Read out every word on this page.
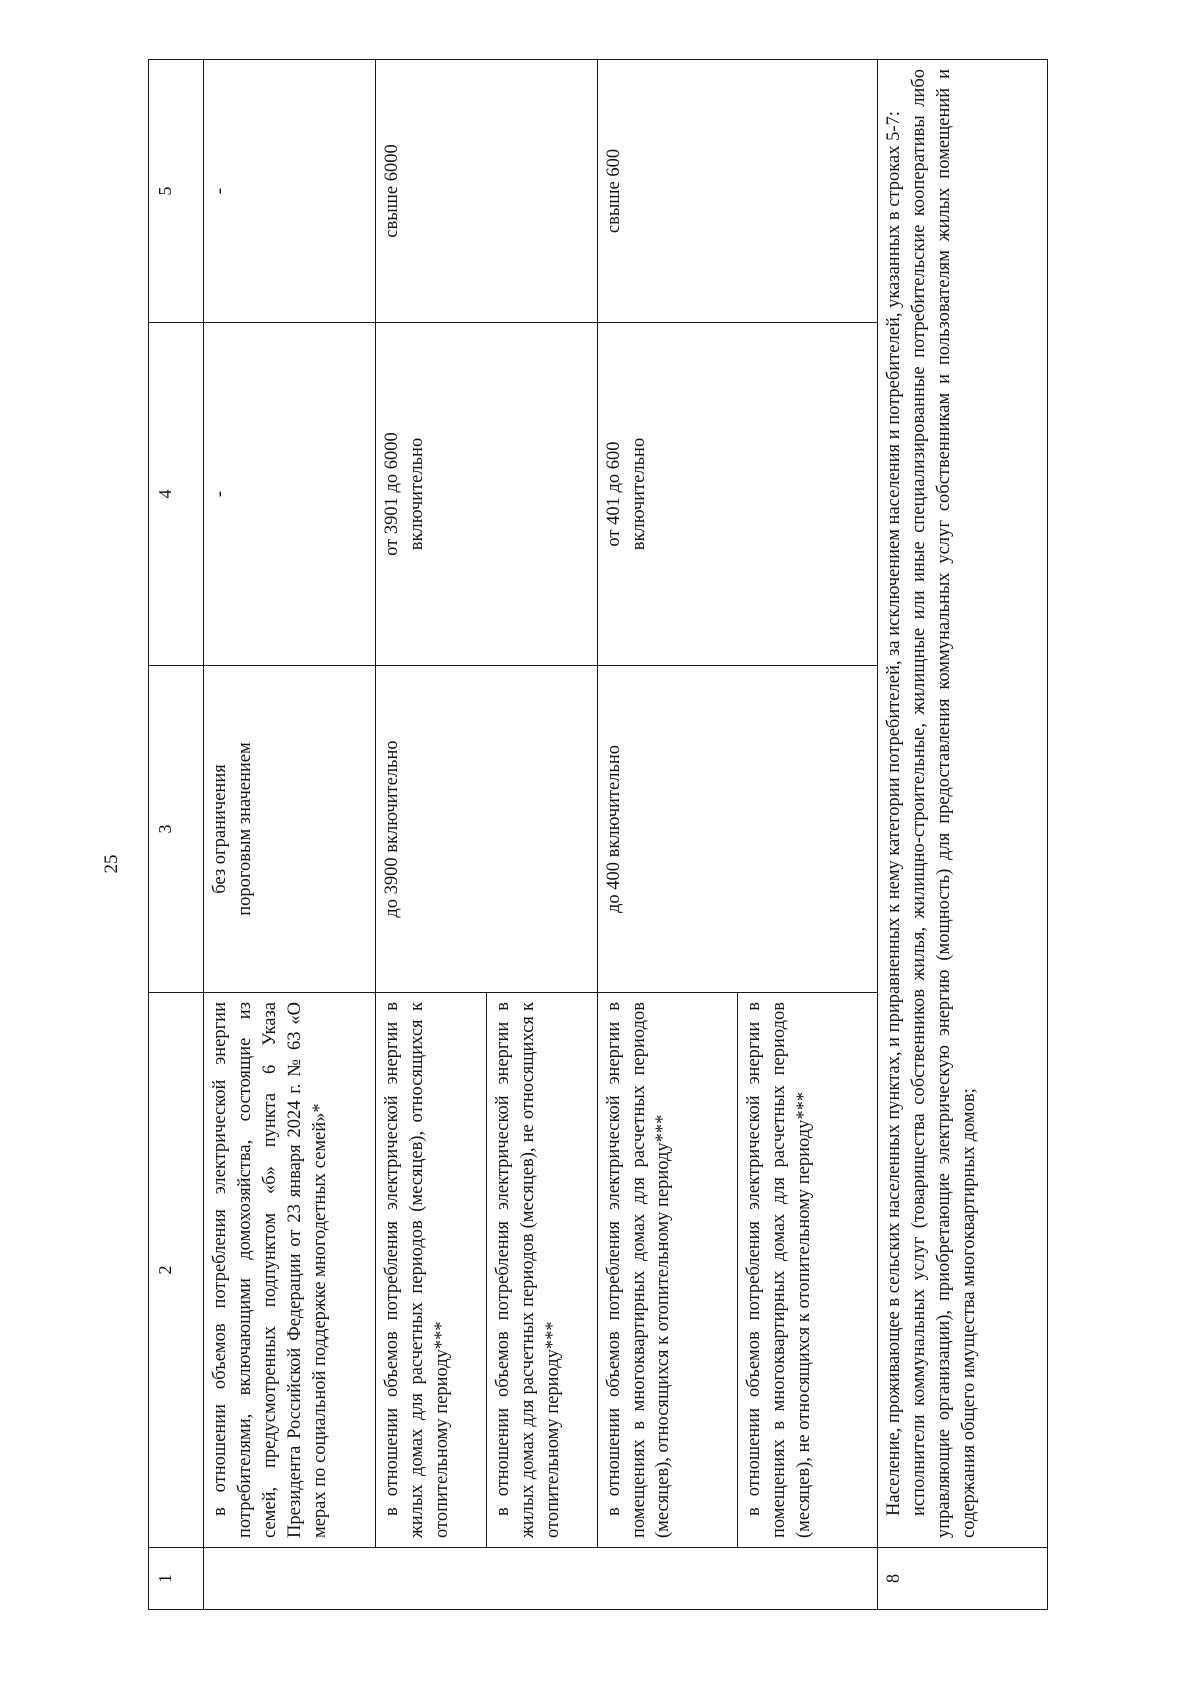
25
1	2	3	4	5
	в отношении объемов потребления электрической энергии потребителями, включающими домохозяйства, состоящие из семей, предусмотренных подпунктом «б» пункта 6 Указа Президента Российской Федерации от 23 января 2024 г. № 63 «О мерах по социальной поддержке многодетных семей»*	без ограничения пороговым значением	-	-
	в отношении объемов потребления электрической энергии в жилых домах для расчетных периодов (месяцев), относящихся к отопительному периоду***	до 3900 включительно	от 3901 до 6000 включительно	свыше 6000
	в отношении объемов потребления электрической энергии в жилых домах для расчетных периодов (месяцев), не относящихся к отопительному периоду***			
	в отношении объемов потребления электрической энергии в помещениях в многоквартирных домах для расчетных периодов (месяцев), относящихся к отопительному периоду***	до 400 включительно	от 401 до 600 включительно	свыше 600
	в отношении объемов потребления электрической энергии в помещениях в многоквартирных домах для расчетных периодов (месяцев), не относящихся к отопительному периоду***			
8	Население, проживающее в сельских населенных пунктах, и приравненных к нему категории потребителей, за исключением населения и потребителей, указанных в строках 5-7: исполнители коммунальных услуг (товарищества собственников жилья, жилищно-строительные, жилищные или иные специализированные потребительские кооперативы либо управляющие организации), приобретающие электрическую энергию (мощность) для предоставления коммунальных услуг собственникам и пользователям жилых помещений и содержания общего имущества многоквартирных домов;			
